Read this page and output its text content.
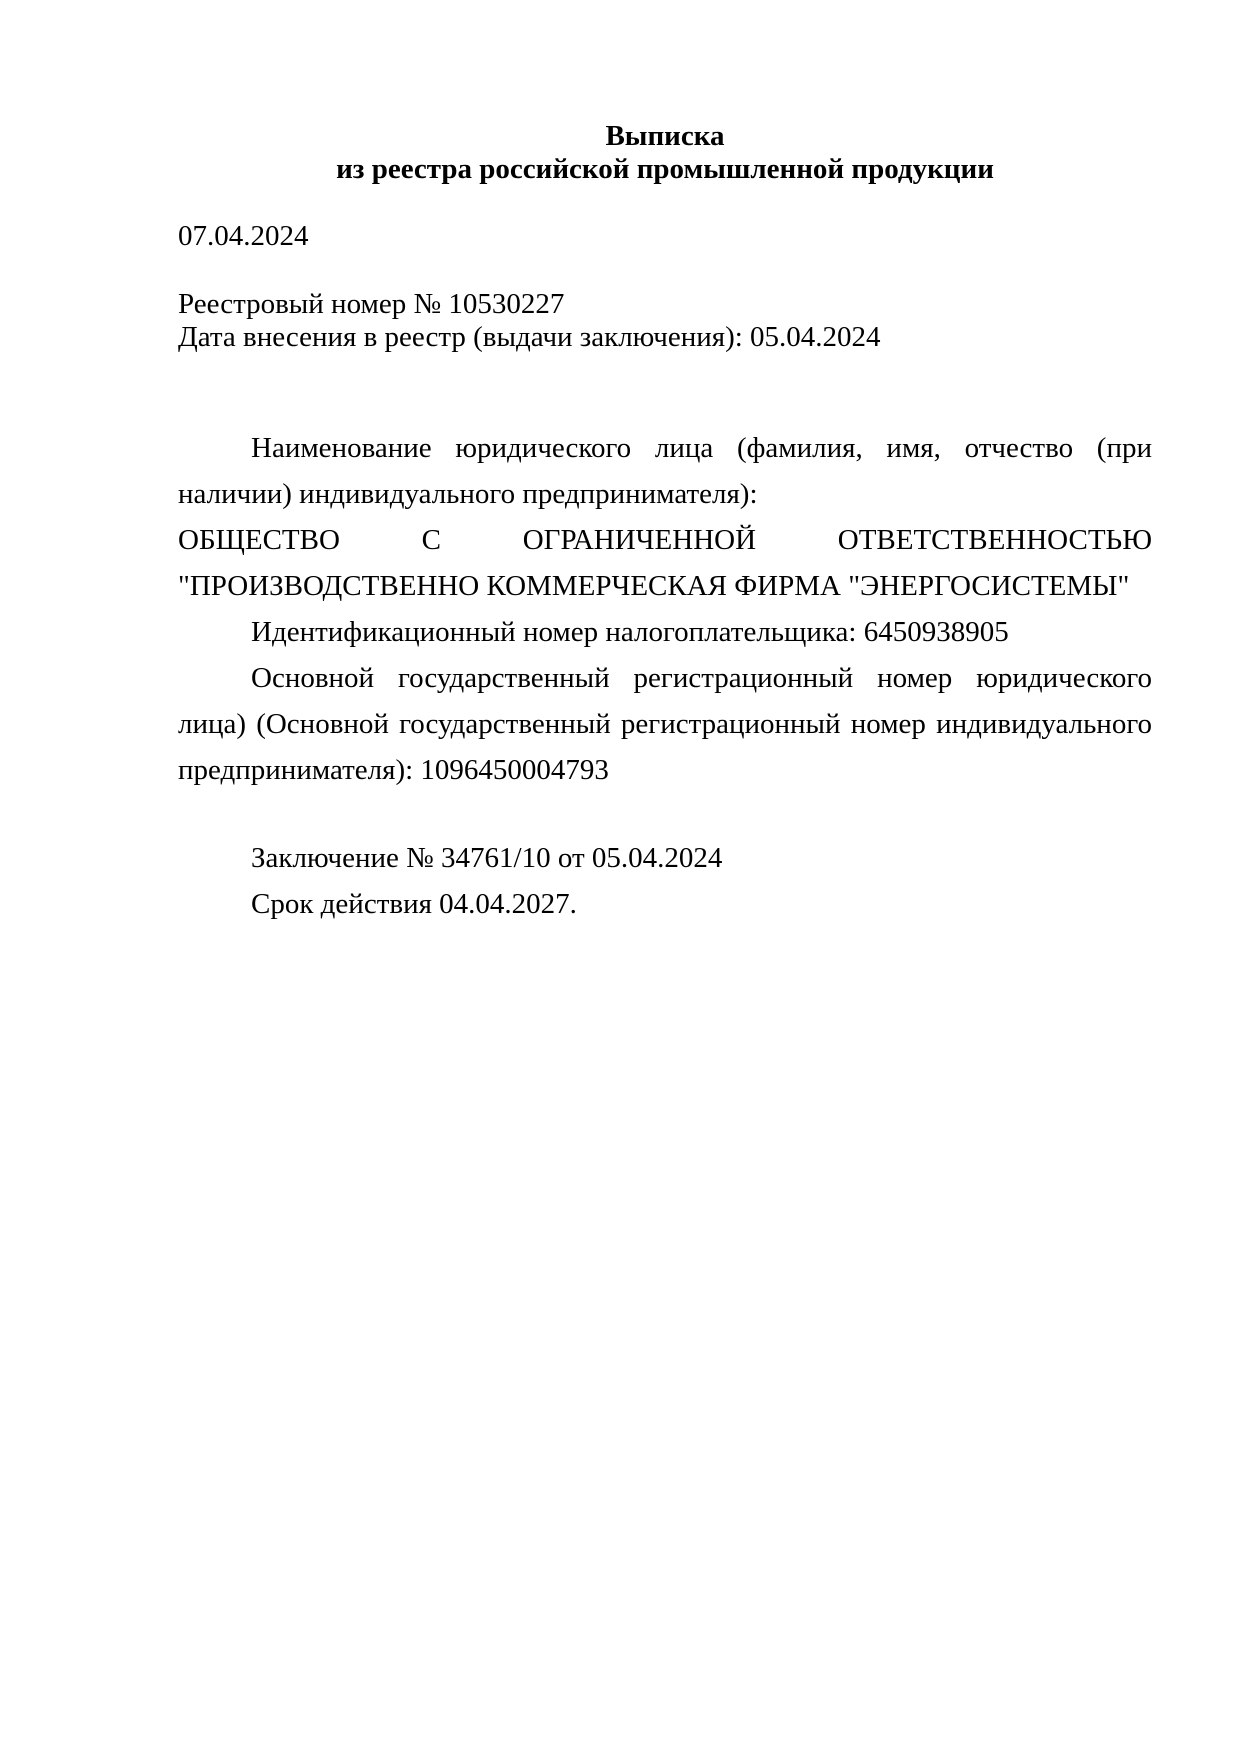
Выписка
из реестра российской промышленной продукции
07.04.2024
Реестровый номер № 10530227
Дата внесения в реестр (выдачи заключения): 05.04.2024
Наименование юридического лица (фамилия, имя, отчество (при
наличии) индивидуального предпринимателя):
ОБЩЕСТВО С ОГРАНИЧЕННОЙ ОТВЕТСТВЕННОСТЬЮ
"ПРОИЗВОДСТВЕННО КОММЕРЧЕСКАЯ ФИРМА "ЭНЕРГОСИСТЕМЫ"
Идентификационный номер налогоплательщика: 6450938905
Основной государственный регистрационный номер юридического
лица) (Основной государственный регистрационный номер индивидуального
предпринимателя): 1096450004793
Заключение № 34761/10 от 05.04.2024
Срок действия 04.04.2027.
